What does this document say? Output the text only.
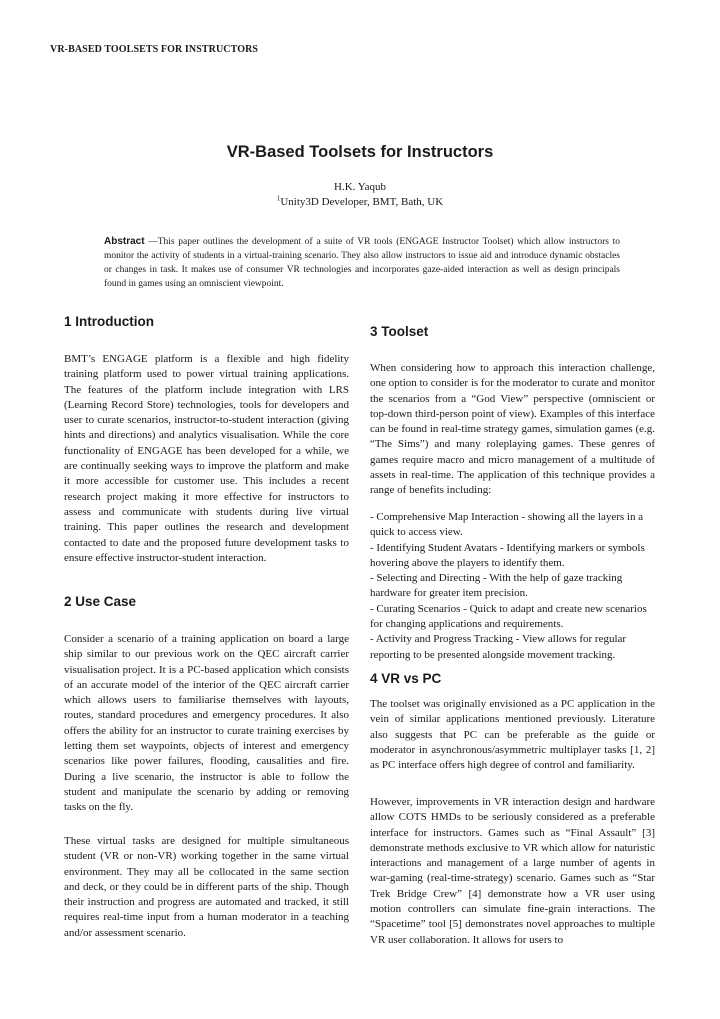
VR-BASED TOOLSETS FOR INSTRUCTORS
VR-Based Toolsets for Instructors
H.K. Yaqub
$^1$Unity3D Developer, BMT, Bath, UK
Abstract —This paper outlines the development of a suite of VR tools (ENGAGE Instructor Toolset) which allow instructors to monitor the activity of students in a virtual-training scenario. They also allow instructors to issue aid and introduce dynamic obstacles or changes in task. It makes use of consumer VR technologies and incorporates gaze-aided interaction as well as design principals found in games using an omniscient viewpoint.
1 Introduction
BMT’s ENGAGE platform is a flexible and high fidelity training platform used to power virtual training applications. The features of the platform include integration with LRS (Learning Record Store) technologies, tools for developers and user to curate scenarios, instructor-to-student interaction (giving hints and directions) and analytics visualisation. While the core functionality of ENGAGE has been developed for a while, we are continually seeking ways to improve the platform and make it more accessible for customer use. This includes a recent research project making it more effective for instructors to assess and communicate with students during live virtual training. This paper outlines the research and development contacted to date and the proposed future development tasks to ensure effective instructor-student interaction.
2 Use Case
Consider a scenario of a training application on board a large ship similar to our previous work on the QEC aircraft carrier visualisation project. It is a PC-based application which consists of an accurate model of the interior of the QEC aircraft carrier which allows users to familiarise themselves with layouts, routes, standard procedures and emergency procedures. It also offers the ability for an instructor to curate training exercises by letting them set waypoints, objects of interest and emergency scenarios like power failures, flooding, causalities and fire. During a live scenario, the instructor is able to follow the student and manipulate the scenario by adding or removing tasks on the fly.
These virtual tasks are designed for multiple simultaneous student (VR or non-VR) working together in the same virtual environment. They may all be collocated in the same section and deck, or they could be in different parts of the ship. Though their instruction and progress are automated and tracked, it still requires real-time input from a human moderator in a teaching and/or assessment scenario.
3 Toolset
When considering how to approach this interaction challenge, one option to consider is for the moderator to curate and monitor the scenarios from a “God View” perspective (omniscient or top-down third-person point of view). Examples of this interface can be found in real-time strategy games, simulation games (e.g. “The Sims”) and many roleplaying games. These genres of games require macro and micro management of a multitude of assets in real-time. The application of this technique provides a range of benefits including:
- Comprehensive Map Interaction - showing all the layers in a quick to access view.
- Identifying Student Avatars - Identifying markers or symbols hovering above the players to identify them.
- Selecting and Directing - With the help of gaze tracking hardware for greater item precision.
- Curating Scenarios - Quick to adapt and create new scenarios for changing applications and requirements.
- Activity and Progress Tracking - View allows for regular reporting to be presented alongside movement tracking.
4 VR vs PC
The toolset was originally envisioned as a PC application in the vein of similar applications mentioned previously. Literature also suggests that PC can be preferable as the guide or moderator in asynchronous/asymmetric multiplayer tasks [1, 2] as PC interface offers high degree of control and familiarity.
However, improvements in VR interaction design and hardware allow COTS HMDs to be seriously considered as a preferable interface for instructors. Games such as “Final Assault” [3] demonstrate methods exclusive to VR which allow for naturistic interactions and management of a large number of agents in war-gaming (real-time-strategy) scenario. Games such as “Star Trek Bridge Crew” [4] demonstrate how a VR user using motion controllers can simulate fine-grain interactions. The “Spacetime” tool [5] demonstrates novel approaches to multiple VR user collaboration. It allows for users to
